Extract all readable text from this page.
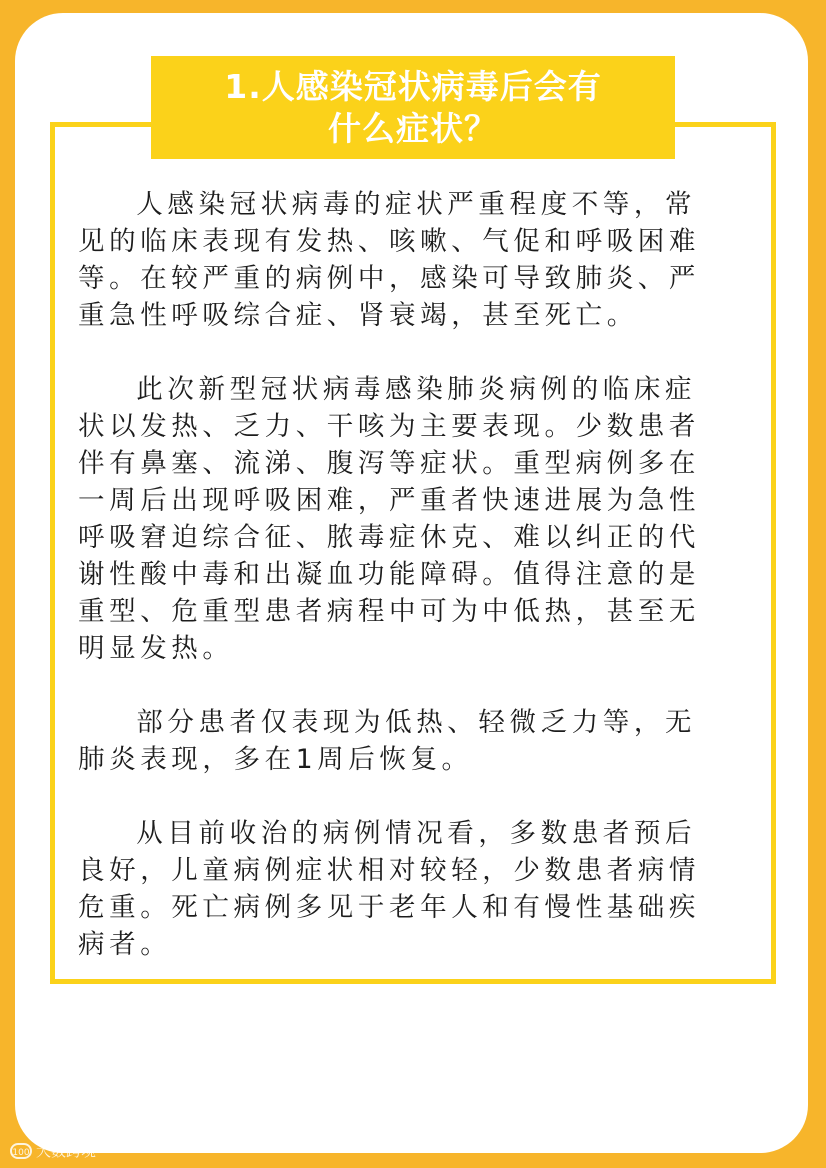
1.人感染冠状病毒后会有
什么症状？

人感染冠状病毒的症状严重程度不等，常见的临床表现有发热、咳嗽、气促和呼吸困难等。在较严重的病例中，感染可导致肺炎、严重急性呼吸综合症、肾衰竭，甚至死亡。

此次新型冠状病毒感染肺炎病例的临床症状以发热、乏力、干咳为主要表现。少数患者伴有鼻塞、流涕、腹泻等症状。重型病例多在一周后出现呼吸困难，严重者快速进展为急性呼吸窘迫综合征、脓毒症休克、难以纠正的代谢性酸中毒和出凝血功能障碍。值得注意的是重型、危重型患者病程中可为中低热，甚至无明显发热。

部分患者仅表现为低热、轻微乏力等，无肺炎表现，多在1周后恢复。

从目前收治的病例情况看，多数患者预后良好，儿童病例症状相对较轻，少数患者病情危重。死亡病例多见于老年人和有慢性基础疾病者。

100 大数跨境
